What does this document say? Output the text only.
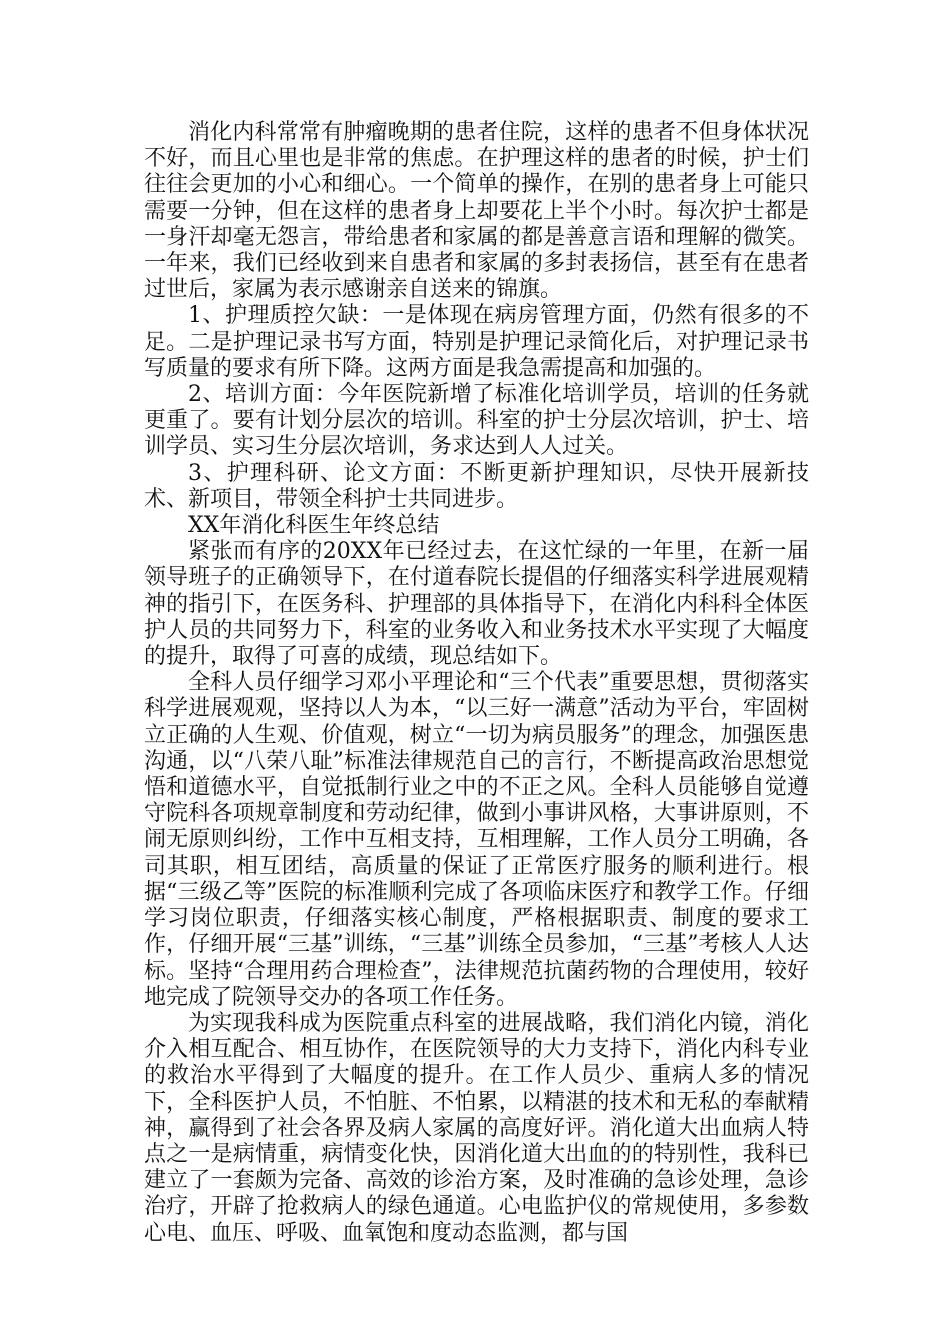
消化内科常常有肿瘤晚期的患者住院，这样的患者不但身体状况不好，而且心里也是非常的焦虑。在护理这样的患者的时候，护士们往往会更加的小心和细心。一个简单的操作，在别的患者身上可能只需要一分钟，但在这样的患者身上却要花上半个小时。每次护士都是一身汗却毫无怨言，带给患者和家属的都是善意言语和理解的微笑。一年来，我们已经收到来自患者和家属的多封表扬信，甚至有在患者过世后，家属为表示感谢亲自送来的锦旗。

1、护理质控欠缺：一是体现在病房管理方面，仍然有很多的不足。二是护理记录书写方面，特别是护理记录简化后，对护理记录书写质量的要求有所下降。这两方面是我急需提高和加强的。

2、培训方面：今年医院新增了标准化培训学员，培训的任务就更重了。要有计划分层次的培训。科室的护士分层次培训，护士、培训学员、实习生分层次培训，务求达到人人过关。

3、护理科研、论文方面：不断更新护理知识，尽快开展新技术、新项目，带领全科护士共同进步。

XX年消化科医生年终总结

紧张而有序的20XX年已经过去，在这忙绿的一年里，在新一届领导班子的正确领导下，在付道春院长提倡的仔细落实科学进展观精神的指引下，在医务科、护理部的具体指导下，在消化内科科全体医护人员的共同努力下，科室的业务收入和业务技术水平实现了大幅度的提升，取得了可喜的成绩，现总结如下。

全科人员仔细学习邓小平理论和“三个代表”重要思想，贯彻落实科学进展观观，坚持以人为本，“以三好一满意”活动为平台，牢固树立正确的人生观、价值观，树立“一切为病员服务”的理念，加强医患沟通，以“八荣八耻”标准法律规范自己的言行，不断提高政治思想觉悟和道德水平，自觉抵制行业之中的不正之风。全科人员能够自觉遵守院科各项规章制度和劳动纪律，做到小事讲风格，大事讲原则，不闹无原则纠纷，工作中互相支持，互相理解，工作人员分工明确，各司其职，相互团结，高质量的保证了正常医疗服务的顺利进行。根据“三级乙等”医院的标准顺利完成了各项临床医疗和教学工作。仔细学习岗位职责，仔细落实核心制度，严格根据职责、制度的要求工作，仔细开展“三基”训练，“三基”训练全员参加，“三基”考核人人达标。坚持“合理用药合理检查”，法律规范抗菌药物的合理使用，较好地完成了院领导交办的各项工作任务。

为实现我科成为医院重点科室的进展战略，我们消化内镜，消化介入相互配合、相互协作，在医院领导的大力支持下，消化内科专业的救治水平得到了大幅度的提升。在工作人员少、重病人多的情况下，全科医护人员，不怕脏、不怕累，以精湛的技术和无私的奉献精神，赢得到了社会各界及病人家属的高度好评。消化道大出血病人特点之一是病情重，病情变化快，因消化道大出血的的特别性，我科已建立了一套颇为完备、高效的诊治方案，及时准确的急诊处理，急诊治疗，开辟了抢救病人的绿色通道。心电监护仪的常规使用，多参数心电、血压、呼吸、血氧饱和度动态监测，都与国
